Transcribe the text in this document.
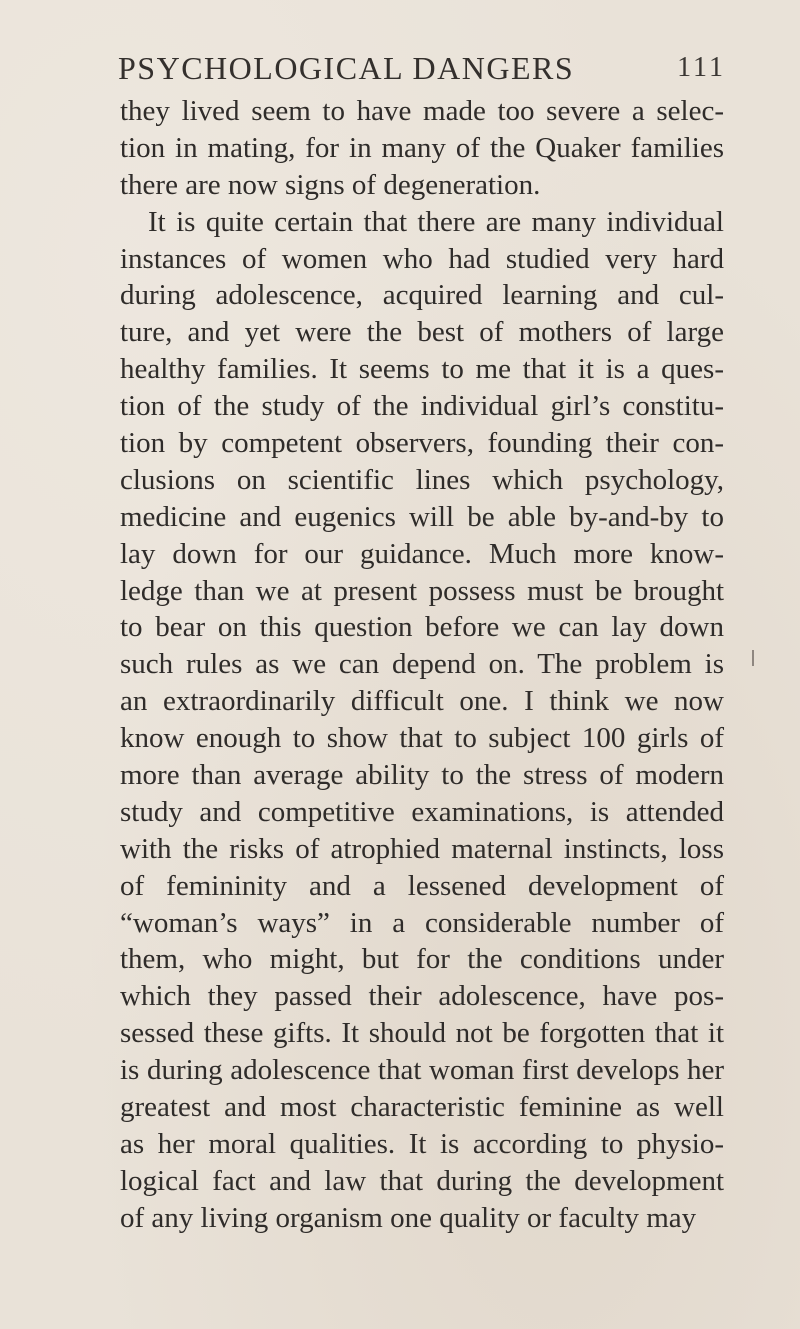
PSYCHOLOGICAL DANGERS	111
they lived seem to have made too severe a selec-
tion in mating, for in many of the Quaker families
there are now signs of degeneration.
It is quite certain that there are many individual
instances of women who had studied very hard
during adolescence, acquired learning and cul-
ture, and yet were the best of mothers of large
healthy families. It seems to me that it is a ques-
tion of the study of the individual girl’s constitu-
tion by competent observers, founding their con-
clusions on scientific lines which psychology,
medicine and eugenics will be able by-and-by to
lay down for our guidance. Much more know-
ledge than we at present possess must be brought
to bear on this question before we can lay down
such rules as we can depend on. The problem is
an extraordinarily difficult one. I think we now
know enough to show that to subject 100 girls of
more than average ability to the stress of modern
study and competitive examinations, is attended
with the risks of atrophied maternal instincts, loss
of femininity and a lessened development of
“woman’s ways” in a considerable number of
them, who might, but for the conditions under
which they passed their adolescence, have pos-
sessed these gifts. It should not be forgotten that it
is during adolescence that woman first develops her
greatest and most characteristic feminine as well
as her moral qualities. It is according to physio-
logical fact and law that during the development
of any living organism one quality or faculty may
